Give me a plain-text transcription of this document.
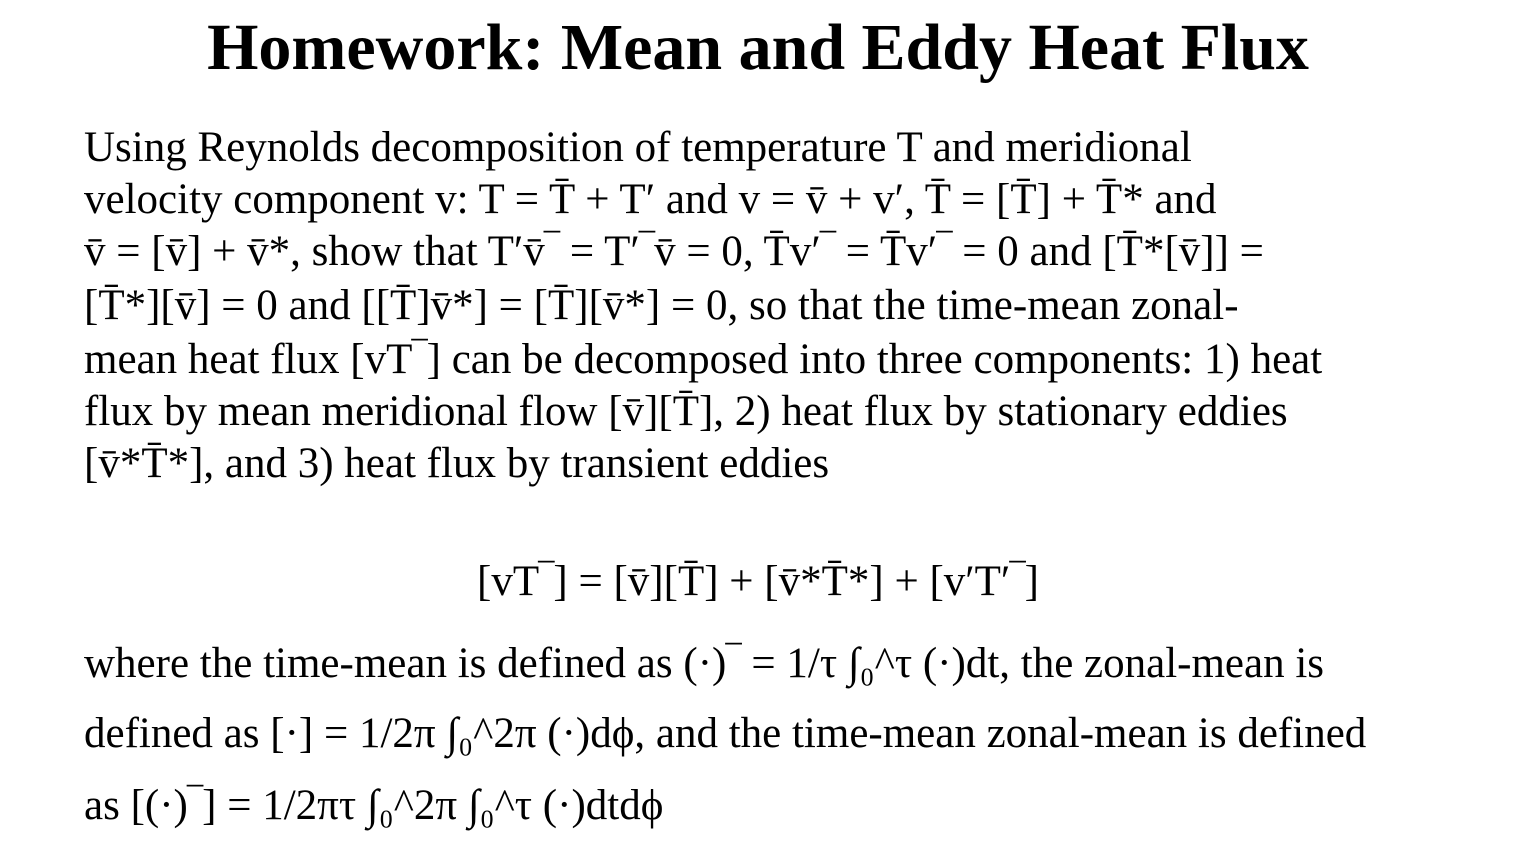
Homework: Mean and Eddy Heat Flux
Using Reynolds decomposition of temperature T and meridional
velocity component v: T = T̄ + T′ and v = v̄ + v′, T̄ = [T̄] + T̄* and
v̄ = [v̄] + v̄*, show that T′v̄‾ = T′‾v̄ = 0, T̄v′‾ = T̄v′‾ = 0 and [T̄*[v̄]] =
[T̄*][v̄] = 0 and [[T̄]v̄*] = [T̄][v̄*] = 0, so that the time-mean zonal-
mean heat flux [vT‾] can be decomposed into three components: 1) heat
flux by mean meridional flow [v̄][T̄], 2) heat flux by stationary eddies
[v̄*T̄*], and 3) heat flux by transient eddies
[vT‾] = [v̄][T̄] + [v̄*T̄*] + [v′T′‾]
where the time-mean is defined as (·)‾ = 1/τ ∫₀^τ (·)dt, the zonal-mean is
defined as [·] = 1/2π ∫₀^2π (·)dϕ, and the time-mean zonal-mean is defined
as [(·)‾] = 1/2πτ ∫₀^2π ∫₀^τ (·)dtdϕ
